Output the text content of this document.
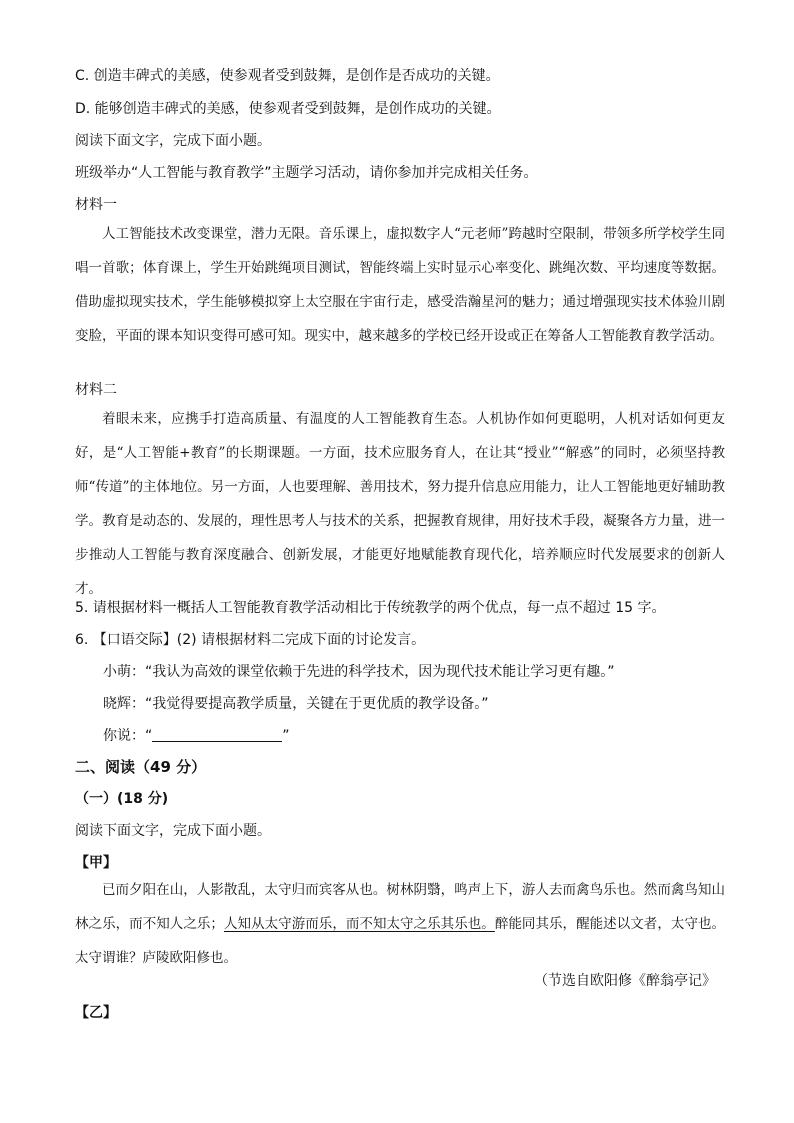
C. 创造丰碑式的美感，使参观者受到鼓舞，是创作是否成功的关键。
D. 能够创造丰碑式的美感，使参观者受到鼓舞，是创作成功的关键。
阅读下面文字，完成下面小题。
班级举办“人工智能与教育教学”主题学习活动，请你参加并完成相关任务。
材料一
人工智能技术改变课堂，潜力无限。音乐课上，虚拟数字人“元老师”跨越时空限制，带领多所学校学生同唱一首歌；体育课上，学生开始跳绳项目测试，智能终端上实时显示心率变化、跳绳次数、平均速度等数据。借助虚拟现实技术，学生能够模拟穿上太空服在宇宙行走，感受浩瀚星河的魅力；通过增强现实技术体验川剧变脸，平面的课本知识变得可感可知。现实中，越来越多的学校已经开设或正在筹备人工智能教育教学活动。
材料二
着眼未来，应携手打造高质量、有温度的人工智能教育生态。人机协作如何更聪明，人机对话如何更友好，是“人工智能+教育”的长期课题。一方面，技术应服务育人，在让其“授业”“解惑”的同时，必须坚持教师“传道”的主体地位。另一方面，人也要理解、善用技术，努力提升信息应用能力，让人工智能地更好辅助教学。教育是动态的、发展的，理性思考人与技术的关系，把握教育规律，用好技术手段，凝聚各方力量，进一步推动人工智能与教育深度融合、创新发展，才能更好地赋能教育现代化，培养顺应时代发展要求的创新人才。
5. 请根据材料一概括人工智能教育教学活动相比于传统教学的两个优点，每一点不超过 15 字。
6. 【口语交际】(2) 请根据材料二完成下面的讨论发言。
小萌：“我认为高效的课堂依赖于先进的科学技术，因为现代技术能让学习更有趣。”
晓辉：“我觉得要提高教学质量，关键在于更优质的教学设备。”
你说：“	”
二、阅读（49 分）
（一）(18 分)
阅读下面文字，完成下面小题。
【甲】
已而夕阳在山，人影散乱，太守归而宾客从也。树林阴翳，鸣声上下，游人去而禽鸟乐也。然而禽鸟知山林之乐，而不知人之乐；人知从太守游而乐，而不知太守之乐其乐也。醉能同其乐，醒能述以文者，太守也。太守谓谁？庐陵欧阳修也。
（节选自欧阳修《醉翁亭记》
【乙】
